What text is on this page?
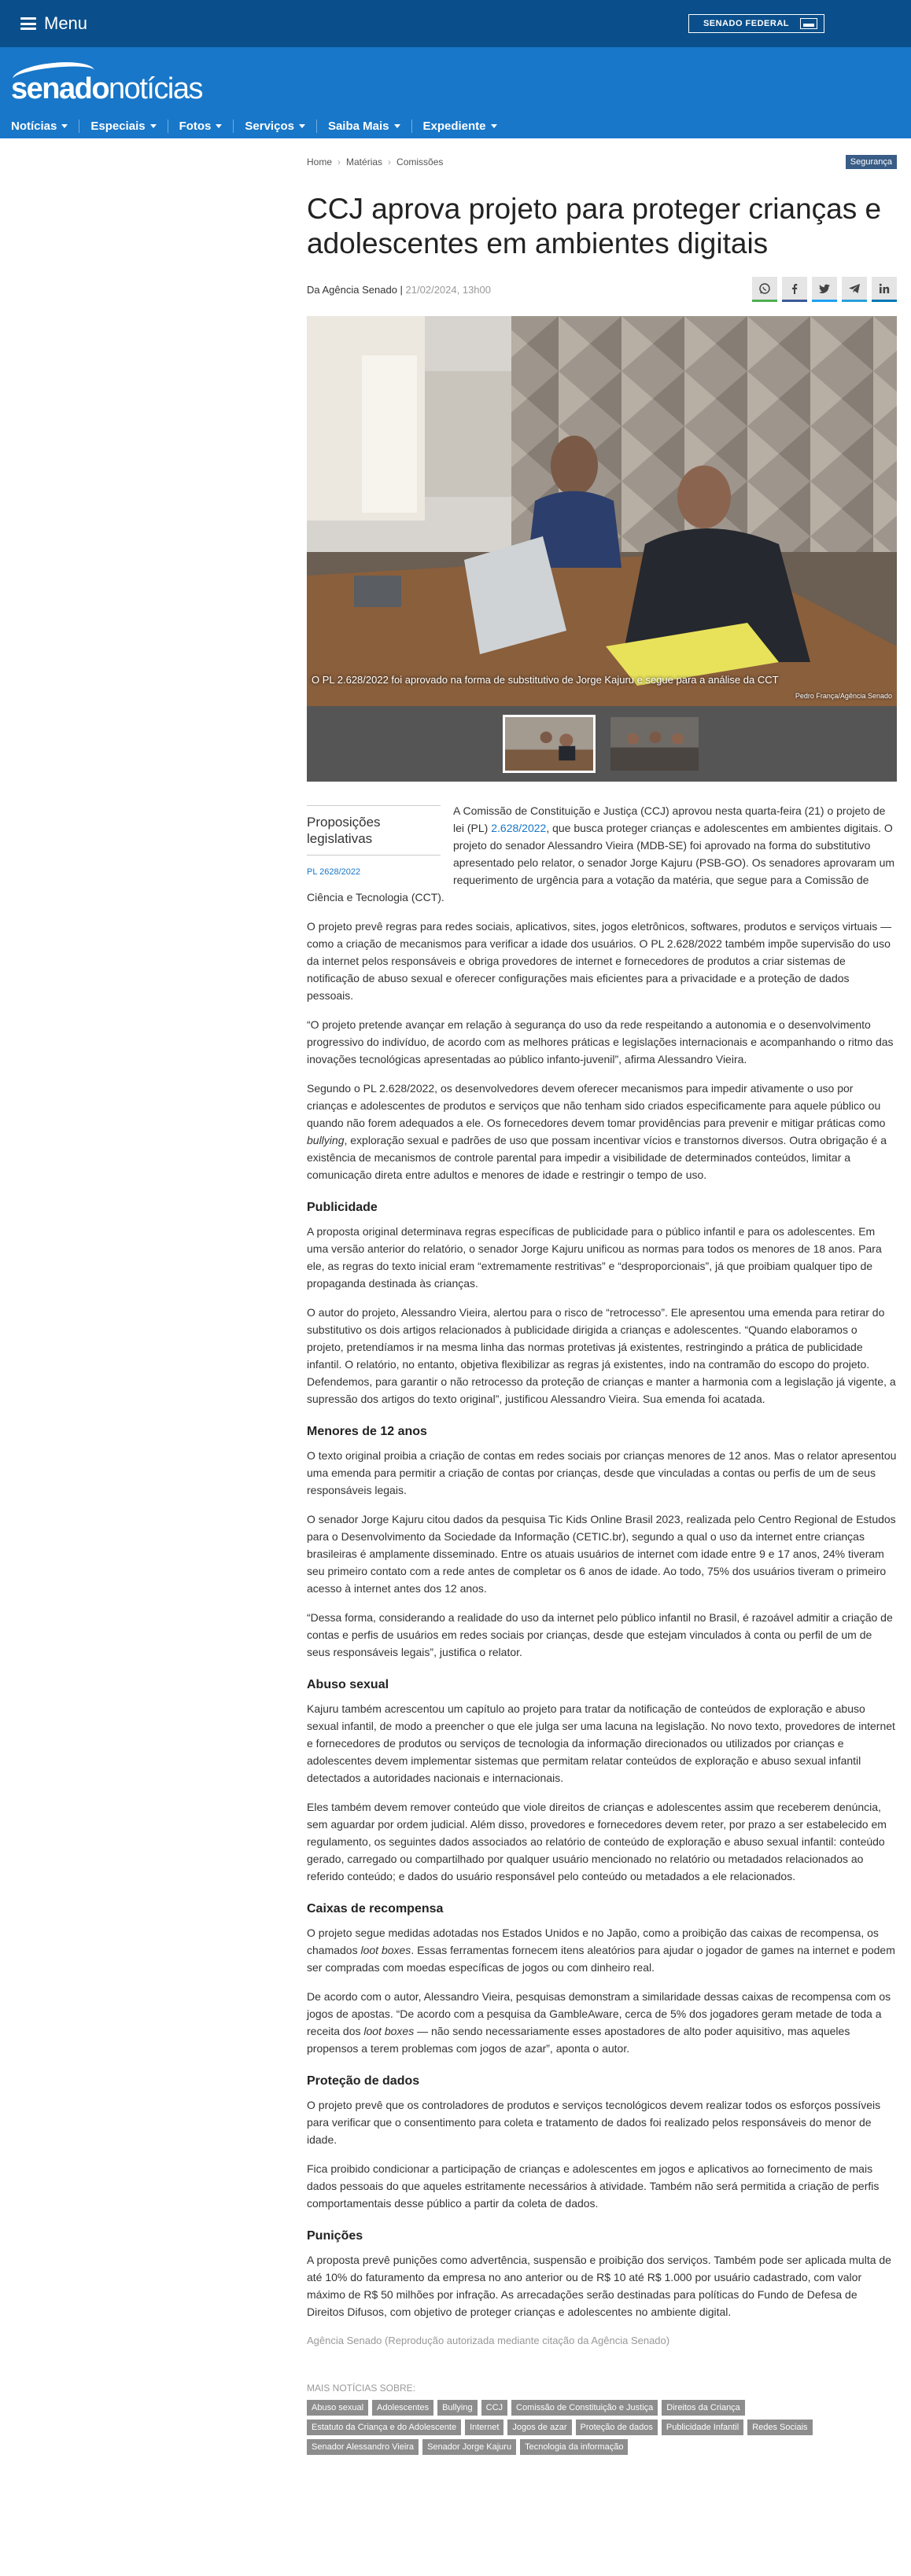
Menu	SENADO FEDERAL
senadonotícias
Notícias	Especiais	Fotos	Serviços	Saiba Mais	Expediente
Home › Matérias › Comissões	Segurança
CCJ aprova projeto para proteger crianças e adolescentes em ambientes digitais
Da Agência Senado | 21/02/2024, 13h00
O PL 2.628/2022 foi aprovado na forma de substitutivo de Jorge Kajuru e segue para a análise da CCT
Pedro França/Agência Senado
Proposições legislativas
PL 2628/2022

A Comissão de Constituição e Justiça (CCJ) aprovou nesta quarta-feira (21) o projeto de lei (PL) 2.628/2022, que busca proteger crianças e adolescentes em ambientes digitais. O projeto do senador Alessandro Vieira (MDB-SE) foi aprovado na forma do substitutivo apresentado pelo relator, o senador Jorge Kajuru (PSB-GO). Os senadores aprovaram um requerimento de urgência para a votação da matéria, que segue para a Comissão de Ciência e Tecnologia (CCT).

O projeto prevê regras para redes sociais, aplicativos, sites, jogos eletrônicos, softwares, produtos e serviços virtuais — como a criação de mecanismos para verificar a idade dos usuários. O PL 2.628/2022 também impõe supervisão do uso da internet pelos responsáveis e obriga provedores de internet e fornecedores de produtos a criar sistemas de notificação de abuso sexual e oferecer configurações mais eficientes para a privacidade e a proteção de dados pessoais.

“O projeto pretende avançar em relação à segurança do uso da rede respeitando a autonomia e o desenvolvimento progressivo do indivíduo, de acordo com as melhores práticas e legislações internacionais e acompanhando o ritmo das inovações tecnológicas apresentadas ao público infanto-juvenil”, afirma Alessandro Vieira.

Segundo o PL 2.628/2022, os desenvolvedores devem oferecer mecanismos para impedir ativamente o uso por crianças e adolescentes de produtos e serviços que não tenham sido criados especificamente para aquele público ou quando não forem adequados a ele. Os fornecedores devem tomar providências para prevenir e mitigar práticas como bullying, exploração sexual e padrões de uso que possam incentivar vícios e transtornos diversos. Outra obrigação é a existência de mecanismos de controle parental para impedir a visibilidade de determinados conteúdos, limitar a comunicação direta entre adultos e menores de idade e restringir o tempo de uso.

Publicidade

A proposta original determinava regras específicas de publicidade para o público infantil e para os adolescentes. Em uma versão anterior do relatório, o senador Jorge Kajuru unificou as normas para todos os menores de 18 anos. Para ele, as regras do texto inicial eram “extremamente restritivas” e “desproporcionais”, já que proibiam qualquer tipo de propaganda destinada às crianças.

O autor do projeto, Alessandro Vieira, alertou para o risco de “retrocesso”. Ele apresentou uma emenda para retirar do substitutivo os dois artigos relacionados à publicidade dirigida a crianças e adolescentes. “Quando elaboramos o projeto, pretendíamos ir na mesma linha das normas protetivas já existentes, restringindo a prática de publicidade infantil. O relatório, no entanto, objetiva flexibilizar as regras já existentes, indo na contramão do escopo do projeto. Defendemos, para garantir o não retrocesso da proteção de crianças e manter a harmonia com a legislação já vigente, a supressão dos artigos do texto original”, justificou Alessandro Vieira. Sua emenda foi acatada.

Menores de 12 anos

O texto original proibia a criação de contas em redes sociais por crianças menores de 12 anos. Mas o relator apresentou uma emenda para permitir a criação de contas por crianças, desde que vinculadas a contas ou perfis de um de seus responsáveis legais.

O senador Jorge Kajuru citou dados da pesquisa Tic Kids Online Brasil 2023, realizada pelo Centro Regional de Estudos para o Desenvolvimento da Sociedade da Informação (CETIC.br), segundo a qual o uso da internet entre crianças brasileiras é amplamente disseminado. Entre os atuais usuários de internet com idade entre 9 e 17 anos, 24% tiveram seu primeiro contato com a rede antes de completar os 6 anos de idade. Ao todo, 75% dos usuários tiveram o primeiro acesso à internet antes dos 12 anos.

“Dessa forma, considerando a realidade do uso da internet pelo público infantil no Brasil, é razoável admitir a criação de contas e perfis de usuários em redes sociais por crianças, desde que estejam vinculados à conta ou perfil de um de seus responsáveis legais”, justifica o relator.

Abuso sexual

Kajuru também acrescentou um capítulo ao projeto para tratar da notificação de conteúdos de exploração e abuso sexual infantil, de modo a preencher o que ele julga ser uma lacuna na legislação. No novo texto, provedores de internet e fornecedores de produtos ou serviços de tecnologia da informação direcionados ou utilizados por crianças e adolescentes devem implementar sistemas que permitam relatar conteúdos de exploração e abuso sexual infantil detectados a autoridades nacionais e internacionais.

Eles também devem remover conteúdo que viole direitos de crianças e adolescentes assim que receberem denúncia, sem aguardar por ordem judicial. Além disso, provedores e fornecedores devem reter, por prazo a ser estabelecido em regulamento, os seguintes dados associados ao relatório de conteúdo de exploração e abuso sexual infantil: conteúdo gerado, carregado ou compartilhado por qualquer usuário mencionado no relatório ou metadados relacionados ao referido conteúdo; e dados do usuário responsável pelo conteúdo ou metadados a ele relacionados.

Caixas de recompensa

O projeto segue medidas adotadas nos Estados Unidos e no Japão, como a proibição das caixas de recompensa, os chamados loot boxes. Essas ferramentas fornecem itens aleatórios para ajudar o jogador de games na internet e podem ser compradas com moedas específicas de jogos ou com dinheiro real.

De acordo com o autor, Alessandro Vieira, pesquisas demonstram a similaridade dessas caixas de recompensa com os jogos de apostas. “De acordo com a pesquisa da GambleAware, cerca de 5% dos jogadores geram metade de toda a receita dos loot boxes — não sendo necessariamente esses apostadores de alto poder aquisitivo, mas aqueles propensos a terem problemas com jogos de azar”, aponta o autor.

Proteção de dados

O projeto prevê que os controladores de produtos e serviços tecnológicos devem realizar todos os esforços possíveis para verificar que o consentimento para coleta e tratamento de dados foi realizado pelos responsáveis do menor de idade.

Fica proibido condicionar a participação de crianças e adolescentes em jogos e aplicativos ao fornecimento de mais dados pessoais do que aqueles estritamente necessários à atividade. Também não será permitida a criação de perfis comportamentais desse público a partir da coleta de dados.

Punições

A proposta prevê punições como advertência, suspensão e proibição dos serviços. Também pode ser aplicada multa de até 10% do faturamento da empresa no ano anterior ou de R$ 10 até R$ 1.000 por usuário cadastrado, com valor máximo de R$ 50 milhões por infração. As arrecadações serão destinadas para políticas do Fundo de Defesa de Direitos Difusos, com objetivo de proteger crianças e adolescentes no ambiente digital.

Agência Senado (Reprodução autorizada mediante citação da Agência Senado)
MAIS NOTÍCIAS SOBRE:
Abuso sexual	Adolescentes	Bullying	CCJ	Comissão de Constituição e Justiça	Direitos da Criança
Estatuto da Criança e do Adolescente	Internet	Jogos de azar	Proteção de dados	Publicidade Infantil	Redes Sociais
Senador Alessandro Vieira	Senador Jorge Kajuru	Tecnologia da informação
